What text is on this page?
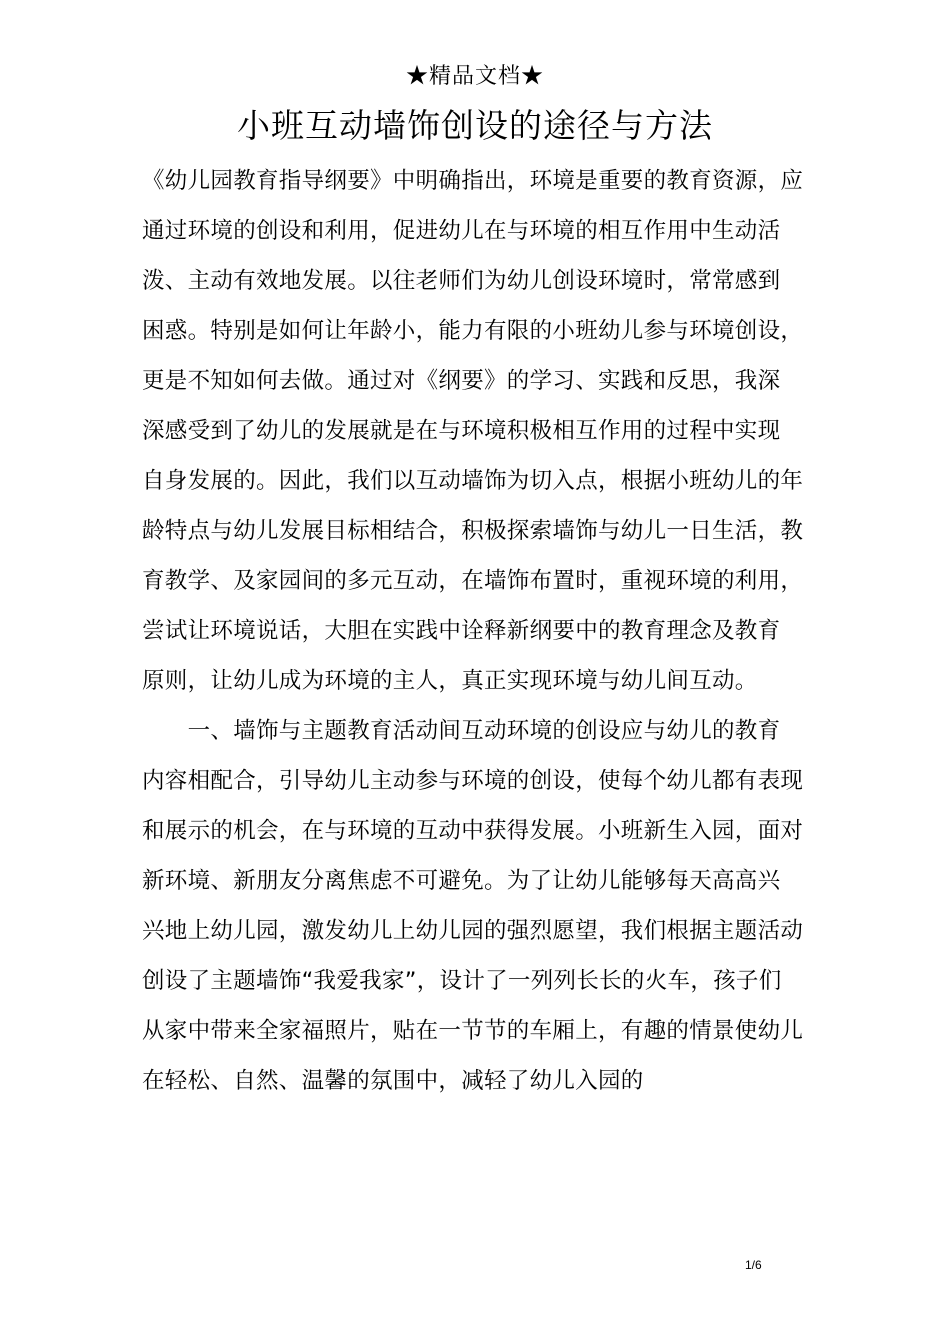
★精品文档★
小班互动墙饰创设的途径与方法
《幼儿园教育指导纲要》中明确指出，环境是重要的教育资源，应
通过环境的创设和利用，促进幼儿在与环境的相互作用中生动活
泼、主动有效地发展。以往老师们为幼儿创设环境时，常常感到
困惑。特别是如何让年龄小，能力有限的小班幼儿参与环境创设，
更是不知如何去做。通过对《纲要》的学习、实践和反思，我深
深感受到了幼儿的发展就是在与环境积极相互作用的过程中实现
自身发展的。因此，我们以互动墙饰为切入点，根据小班幼儿的年
龄特点与幼儿发展目标相结合，积极探索墙饰与幼儿一日生活，教
育教学、及家园间的多元互动，在墙饰布置时，重视环境的利用，
尝试让环境说话，大胆在实践中诠释新纲要中的教育理念及教育
原则，让幼儿成为环境的主人，真正实现环境与幼儿间互动。
　　一、墙饰与主题教育活动间互动环境的创设应与幼儿的教育
内容相配合，引导幼儿主动参与环境的创设，使每个幼儿都有表现
和展示的机会，在与环境的互动中获得发展。小班新生入园，面对
新环境、新朋友分离焦虑不可避免。为了让幼儿能够每天高高兴
兴地上幼儿园，激发幼儿上幼儿园的强烈愿望，我们根据主题活动
创设了主题墙饰“我爱我家”，设计了一列列长长的火车，孩子们
从家中带来全家福照片，贴在一节节的车厢上，有趣的情景使幼儿
在轻松、自然、温馨的氛围中，减轻了幼儿入园的
1/6
